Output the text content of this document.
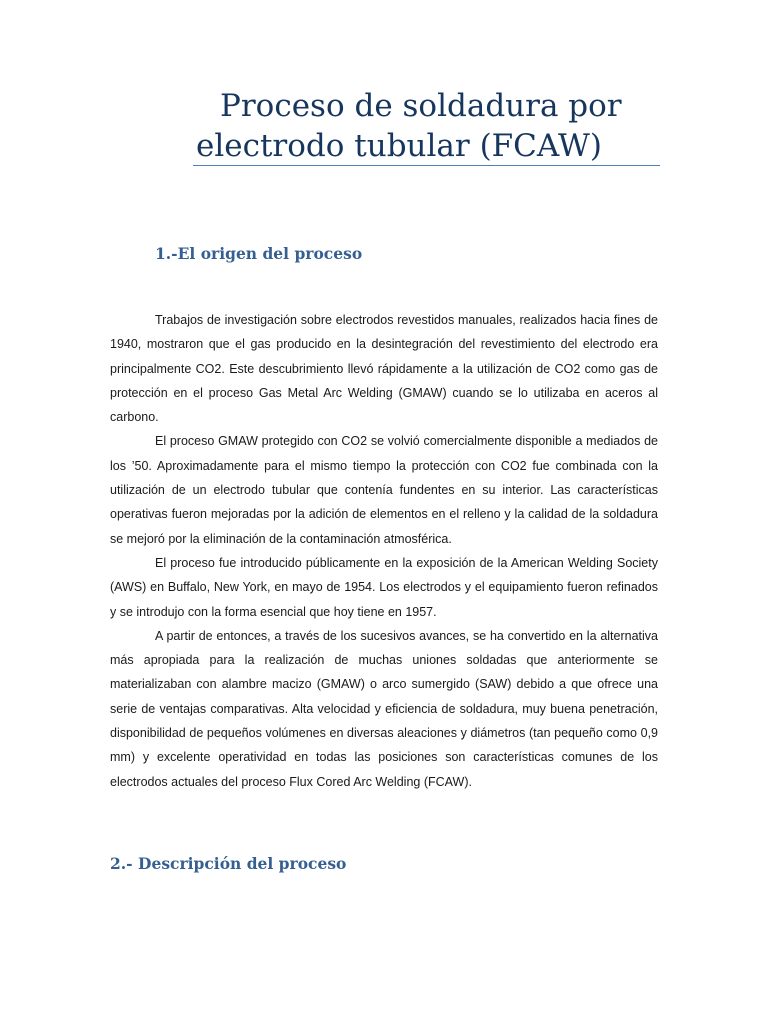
Proceso de soldadura por
electrodo tubular (FCAW)
1.-El origen del proceso

Trabajos de investigación sobre electrodos revestidos manuales, realizados hacia fines de 1940, mostraron que el gas producido en la desintegración del revestimiento del electrodo era principalmente CO2. Este descubrimiento llevó rápidamente a la utilización de CO2 como gas de protección en el proceso Gas Metal Arc Welding (GMAW) cuando se lo utilizaba en aceros al carbono.

El proceso GMAW protegido con CO2 se volvió comercialmente disponible a mediados de los ’50. Aproximadamente para el mismo tiempo la protección con CO2 fue combinada con la utilización de un electrodo tubular que contenía fundentes en su interior. Las características operativas fueron mejoradas por la adición de elementos en el relleno y la calidad de la soldadura se mejoró por la eliminación de la contaminación atmosférica.

El proceso fue introducido públicamente en la exposición de la American Welding Society (AWS) en Buffalo, New York, en mayo de 1954. Los electrodos y el equipamiento fueron refinados y se introdujo con la forma esencial que hoy tiene en 1957.

A partir de entonces, a través de los sucesivos avances, se ha convertido en la alternativa más apropiada para la realización de muchas uniones soldadas que anteriormente se materializaban con alambre macizo (GMAW) o arco sumergido (SAW) debido a que ofrece una serie de ventajas comparativas. Alta velocidad y eficiencia de soldadura, muy buena penetración, disponibilidad de pequeños volúmenes en diversas aleaciones y diámetros (tan pequeño como 0,9 mm) y excelente operatividad en todas las posiciones son características comunes de los electrodos actuales del proceso Flux Cored Arc Welding (FCAW).

2.- Descripción del proceso
